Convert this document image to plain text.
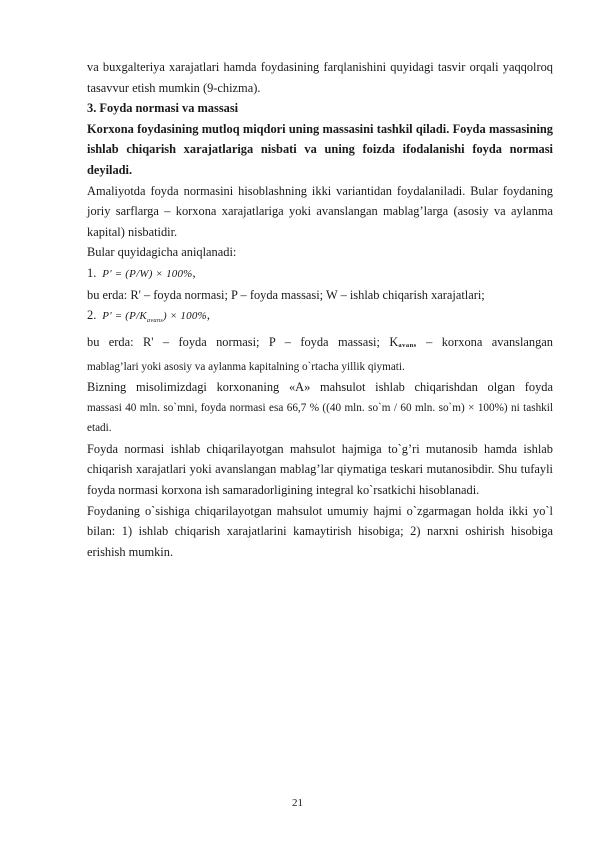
va buxgalteriya xarajatlari hamda foydasining farqlanishini quyidagi tasvir orqali yaqqolroq tasavvur etish mumkin (9-chizma).

3. Foyda normasi va massasi

Korxona foydasining mutloq miqdori uning massasini tashkil qiladi. Foyda massasining ishlab chiqarish xarajatlariga nisbati va uning foizda ifodalanishi foyda normasi deyiladi.

Amaliyotda foyda normasini hisoblashning ikki variantidan foydalaniladi. Bular foydaning joriy sarflarga – korxona xarajatlariga yoki avanslangan mablag’larga (asosiy va aylanma kapital) nisbatidir.

Bular quyidagicha aniqlanadi:

1. P' = (P/W) × 100%,

bu erda: R' – foyda normasi; P – foyda massasi; W – ishlab chiqarish xarajatlari;

2. $P' = (P/K_{avans}) \times 100\%$,

bu erda: R' – foyda normasi; P – foyda massasi; Kavans – korxona avanslangan

mablag’lari yoki asosiy va aylanma kapitalning o`rtacha yillik qiymati.

Bizning misolimizdagi korxonaning «A» mahsulot ishlab chiqarishdan olgan foyda

massasi 40 mln. so`mni, foyda normasi esa 66,7 % ((40 mln. so`m / 60 mln. so`m) × 100%) ni tashkil etadi.

Foyda normasi ishlab chiqarilayotgan mahsulot hajmiga to`g’ri mutanosib hamda ishlab chiqarish xarajatlari yoki avanslangan mablag’lar qiymatiga teskari mutanosibdir. Shu tufayli foyda normasi korxona ish samaradorligining integral ko`rsatkichi hisoblanadi.

Foydaning o`sishiga chiqarilayotgan mahsulot umumiy hajmi o`zgarmagan holda ikki yo`l bilan: 1) ishlab chiqarish xarajatlarini kamaytirish hisobiga; 2) narxni oshirish hisobiga erishish mumkin.

21
